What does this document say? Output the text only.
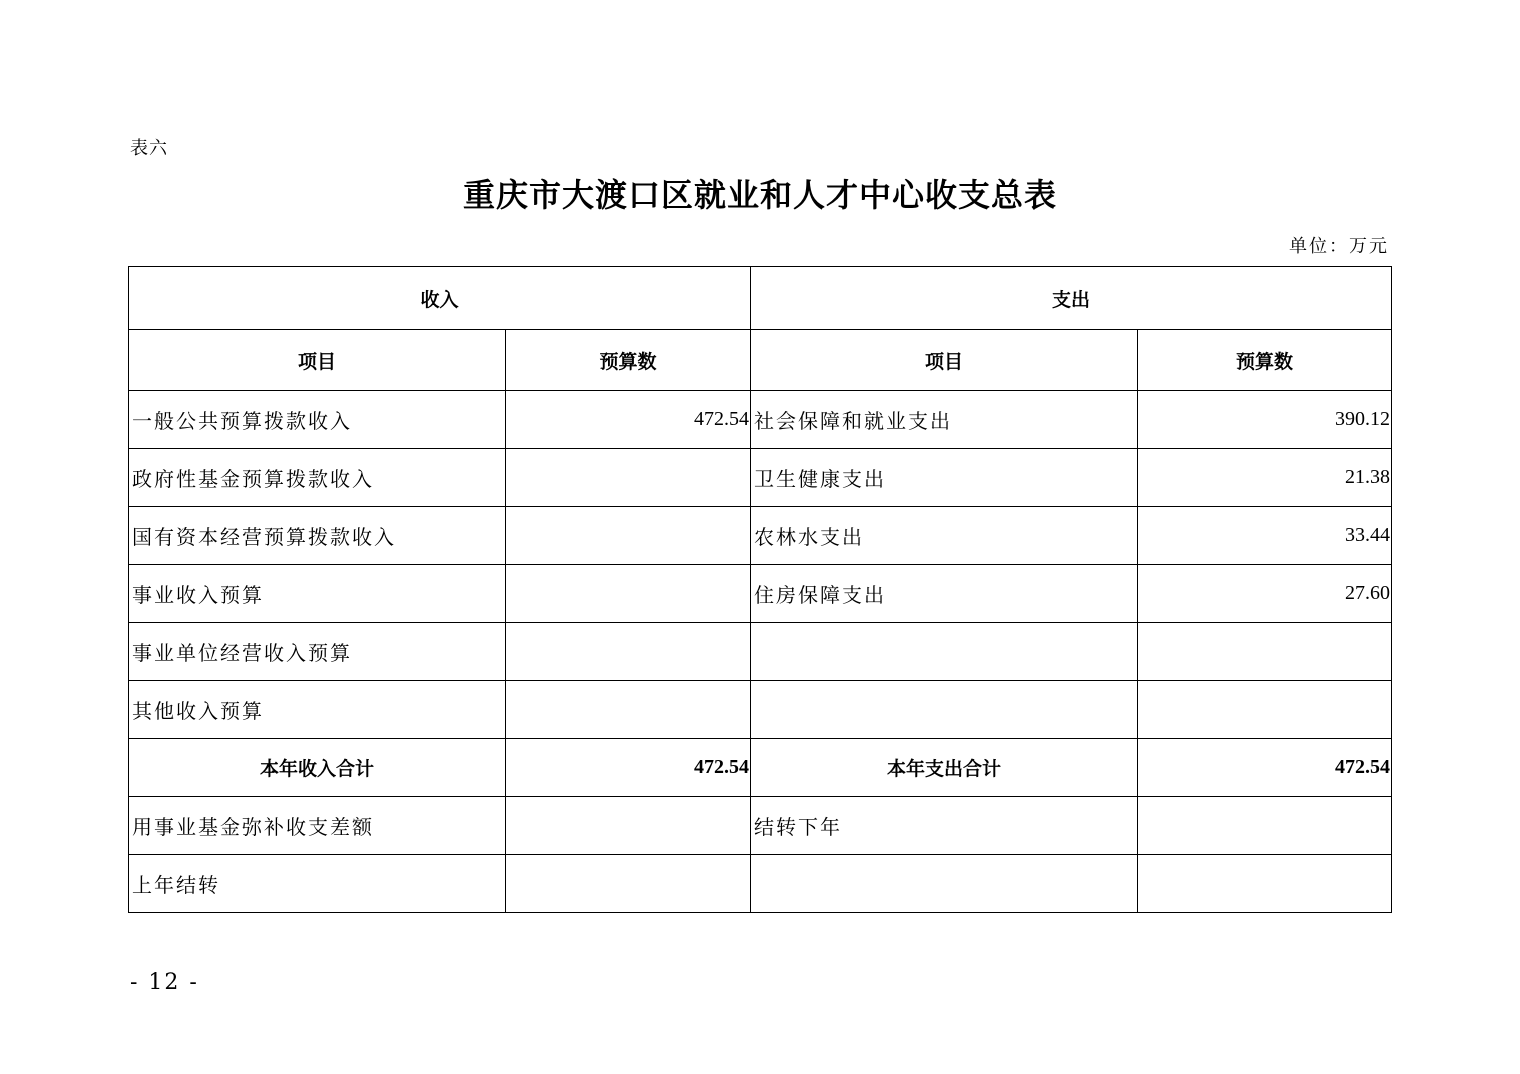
表六
重庆市大渡口区就业和人才中心收支总表
单位：万元
收入		支出	
项目	预算数	项目	预算数
一般公共预算拨款收入	472.54	社会保障和就业支出	390.12
政府性基金预算拨款收入		卫生健康支出	21.38
国有资本经营预算拨款收入		农林水支出	33.44
事业收入预算		住房保障支出	27.60
事业单位经营收入预算			
其他收入预算			
本年收入合计	472.54	本年支出合计	472.54
用事业基金弥补收支差额		结转下年	
上年结转			
- 12 -
